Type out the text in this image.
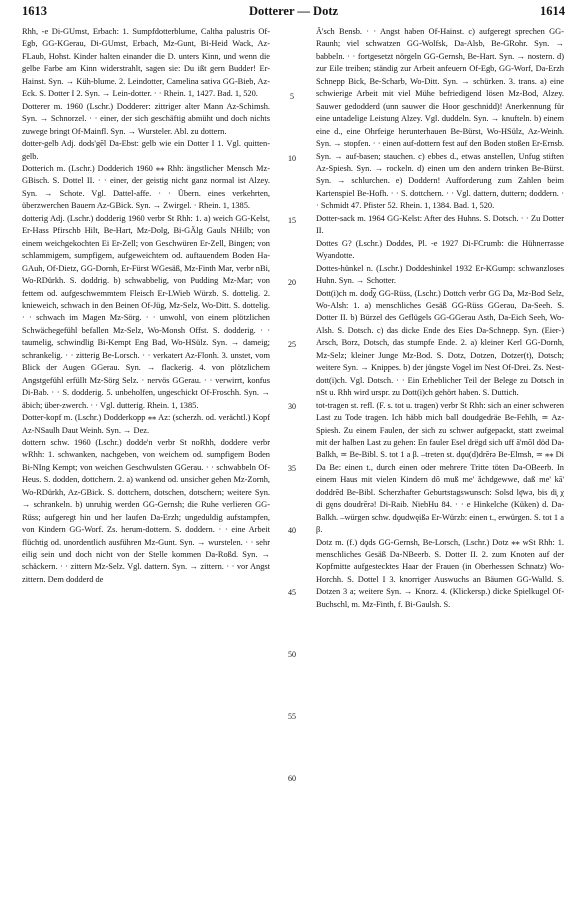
1613	Dotterer — Dotz	1614

Rhh, -e Di-GUmst, Erbach: 1. Sumpfdotterblume, Caltha palustris Of-Egb, GG-KGerau, Di-GUmst, Erbach, Mz-Gunt, Bi-Heid Wack, Az-FLaub, Hohst. Kinder halten einander die D. unters Kinn, und wenn die gelbe Farbe am Kinn widerstrahlt, sagen sie: Du ißt gern Budder! Er-Hainst. Syn. → Küh-blume. 2. Leindotter, Camelina sativa GG-Bieb, Az-Eck. S. Dotter I 2. Syn. → Lein-dotter. · · Rhein. 1, 1427. Bad. 1, 520.

Dotterer m. 1960 (Lschr.) Dodderer: zittriger alter Mann Az-Schimsh. Syn. → Schnorzel. · · einer, der sich geschäftig abmüht und doch nichts zuwege bringt Of-Mainfl. Syn. → Wursteler. Abl. zu dottern.

dotter-gelb Adj. dods'gēl Da-Ebst: gelb wie ein Dotter I 1. Vgl. quitten-gelb.

Dotterich m. (Lschr.) Dodderich 1960 ⁎⁎ Rhh: ängstlicher Mensch Mz-GBisch. S. Dottel II. · · einer, der geistig nicht ganz normal ist Alzey. Syn. → Schote. Vgl. Dattel-affe. · · Übern. eines verkehrten, überzwerchen Bauern Az-GBick. Syn. → Zwirgel. · Rhein. 1, 1385.

dotterig Adj. (Lschr.) dodderig 1960 verbr St Rhh: 1. a) weich GG-Kelst, Er-Hass Pfirschb Hilt, Be-Hart, Mz-Dolg, Bi-GÄlg Gauls NHilb; von einem weichgekochten Ei Er-Zell; von Geschwüren Er-Zell, Bingen; von schlammigem, sumpfigem, aufgeweichtem od. auftauendem Boden Ha-GAuh, Of-Dietz, GG-Dornh, Er-Fürst WGesäß, Mz-Finth Mar, verbr nBi, Wo-RDürkh. S. doddrig. b) schwabbelig, von Pudding Mz-Mar; von fettem od. aufgeschwemmtem Fleisch Er-LWieb Würzb. S. dottelig. 2. knieweich, schwach in den Beinen Of-Jüg, Mz-Selz, Wo-Ditt. S. dottelig. · · schwach im Magen Mz-Sörg. · · unwohl, von einem plötzlichen Schwächegefühl befallen Mz-Selz, Wo-Monsh Offst. S. dodderig. · · taumelig, schwindlig Bi-Kempt Eng Bad, Wo-HSülz. Syn. → dameig; schrankelig. · · zitterig Be-Lorsch. · · verkatert Az-Flonh. 3. unstet, vom Blick der Augen GGerau. Syn. → flackerig. 4. von plötzlichem Angstgefühl erfüllt Mz-Sörg Selz. · nervös GGerau. · · verwirrt, konfus Di-Bab. · · S. dodderig. 5. unbeholfen, ungeschickt Of-Froschh. Syn. → äbich; über-zwerch. · · Vgl. dutterig. Rhein. 1, 1385.

Dotter-kopf m. (Lschr.) Dodderkopp ⁎⁎ Az: (scherzh. od. verächtl.) Kopf Az-NSaulh Daut Weinh. Syn. → Dez.

dottern schw. 1960 (Lschr.) dodde'n verbr St noRhh, doddere verbr wRhh: 1. schwanken, nachgeben, von weichem od. sumpfigem Boden Bi-NIng Kempt; von weichen Geschwulsten GGerau. · · schwabbeln Of-Heus. S. dodden, dottchern. 2. a) wankend od. unsicher gehen Mz-Zornh, Wo-RDürkh, Az-GBick. S. dottchern, dotschen, dotschern; weitere Syn. → schrankeln. b) unruhig werden GG-Gernsh; die Ruhe verlieren GG-Rüss; aufgeregt hin und her laufen Da-Erzh; ungeduldig aufstampfen, von Kindern GG-Worf. Zs. herum-dottern. S. doddern. · · eine Arbeit flüchtig od. unordentlich ausführen Mz-Gunt. Syn. → wurstelen. · · sehr eilig sein und doch nicht von der Stelle kommen Da-Roßd. Syn. → schäckern. · · zittern Mz-Selz. Vgl. dattern. Syn. → zittern. · · vor Angst zittern. Dem dodderd de

5
10
15
20
25
30
35
40
45
50
55
60

Ä'sch Bensb. · · Angst haben Of-Hainst. c) aufgeregt sprechen GG-Raunh; viel schwatzen GG-Wolfsk, Da-Alsb, Be-GRohr. Syn. → babbeln. · · fortgesetzt nörgeln GG-Gernsh, Be-Hart. Syn. → nostern. d) zur Eile treiben; ständig zur Arbeit anfeuern Of-Egb, GG-Worf, Da-Erzh Schnepp Bick, Be-Scharb, Wo-Ditt. Syn. → schürken. 3. trans. a) eine schwierige Arbeit mit viel Mühe befriedigend lösen Mz-Bod, Alzey. Sauwer gedodderd (unn sauwer die Hoor geschnidd)! Anerkennung für eine untadelige Leistung Alzey. Vgl. duddeln. Syn. → knufteln. b) einem eine d., eine Ohrfeige herunterhauen Be-Bürst, Wo-HSülz, Az-Weinh. Syn. → stopfen. · · einen auf-dottern fest auf den Boden stoßen Er-Ernsb. Syn. → auf-basen; stauchen. c) ebbes d., etwas anstellen, Unfug stiften Az-Spiesh. Syn. → rockeln. d) einen um den andern trinken Be-Bürst. Syn. → schlurchen. e) Doddern! Aufforderung zum Zahlen beim Kartenspiel Be-Hofh. · · S. dottchern. · · Vgl. dattern, duttern; doddern. · · Schmidt 47. Pfister 52. Rhein. 1, 1384. Bad. 1, 520.

Dotter-sack m. 1964 GG-Kelst: After des Huhns. S. Dotsch. · · Zu Dotter II.

Dottes G? (Lschr.) Doddes, Pl. -e 1927 Di-FCrumb: die Hühnerrasse Wyandotte.

Dottes-hünkel n. (Lschr.) Doddeshinkel 1932 Er-KGump: schwanzloses Huhn. Syn. → Schotter.

Dott(i)ch m. dod͡χ GG-Rüss, (Lschr.) Dottch verbr GG Da, Mz-Bod Selz, Wo-Alsh: 1. a) menschliches Gesäß GG-Rüss GGerau, Da-Seeh. S. Dotter II. b) Bürzel des Geflügels GG-GGerau Asth, Da-Eich Seeh, Wo-Alsh. S. Dotsch. c) das dicke Ende des Eies Da-Schnepp. Syn. (Eier-) Arsch, Borz, Dotsch, das stumpfe Ende. 2. a) kleiner Kerl GG-Dornh, Mz-Selz; kleiner Junge Mz-Bod. S. Dotz, Dotzen, Dotzer(t), Dotsch; weitere Syn. → Knippes. b) der jüngste Vogel im Nest Of-Drei. Zs. Nest-dott(i)ch. Vgl. Dotsch. · · Ein Erheblicher Teil der Belege zu Dotsch in nSt u. Rhh wird urspr. zu Dott(i)ch gehört haben. S. Duttich.

tot-tragen st. refl. (F. s. tot u. tragen) verbr St Rhh: sich an einer schweren Last zu Tode tragen. Ich häbb mich ball doudgedräe Be-Fehlh, ≃ Az-Spiesh. Zu einem Faulen, der sich zu schwer aufgepackt, statt zweimal mit der halben Last zu gehen: En fauler Esel drëgd sich uff ā'mōl död Da-Balkh, ≃ Be-Bibl. S. tot 1 a β. –treten st. dǫu(d)drērə Be-Elmsh, ≃ ⁎⁎ Di Da Be: einen t., durch einen oder mehrere Tritte töten Da-OBeerb. In einem Haus mit vielen Kindern dō muß me' ǎchdgewwe, daß me' kā' doddrēd Be-Bibl. Scherzhafter Geburtstagswunsch: Solsd lę̄wə, bis di̧ χ di gęns doudrērə! Di-Raib. NiebHu 84. · · e Hinkelche (Küken) d. Da-Balkh. –würgen schw. dǫudwęißə Er-Würzb: einen t., erwürgen. S. tot 1 a β.

Dotz m. (f.) dǫds GG-Gernsh, Be-Lorsch, (Lschr.) Dotz ⁎⁎ wSt Rhh: 1. menschliches Gesäß Da-NBeerb. S. Dotter II. 2. zum Knoten auf der Kopfmitte aufgestecktes Haar der Frauen (in Oberhessen Schnatz) Wo-Horchh. S. Dottel I 3. knorriger Auswuchs an Bäumen GG-Walld. S. Dotzen 3 a; weitere Syn. → Knorz. 4. (Klickersp.) dicke Spielkugel Of-Buchschl, m. Mz-Finth, f. Bi-Gaulsh. S.
